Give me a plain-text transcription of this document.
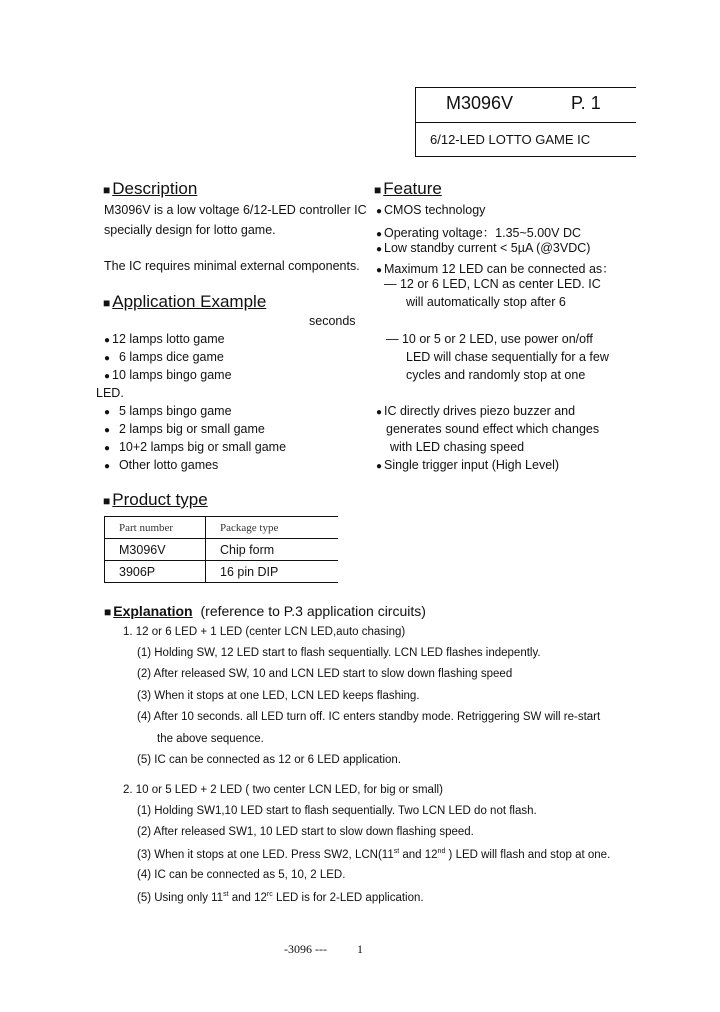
M3096V	P. 1
6/12-LED LOTTO GAME IC
■ Description
M3096V is a low voltage 6/12-LED controller IC
specially design for lotto game.
The IC requires minimal external components.
■ Feature
● CMOS technology
● Operating voltage：1.35~5.00V DC
● Low standby current < 5µA (@3VDC)
● Maximum 12 LED can be connected as：
— 12 or 6 LED, LCN as center LED. IC
will automatically stop after 6
seconds
— 10 or 5 or 2 LED, use power on/off
LED will chase sequentially for a few
cycles and randomly stop at one
LED.
● IC directly drives piezo buzzer and
generates sound effect which changes
with LED chasing speed
● Single trigger input (High Level)
■ Application Example
● 12 lamps lotto game
● 6 lamps dice game
● 10 lamps bingo game
● 5 lamps bingo game
● 2 lamps big or small game
● 10+2 lamps big or small game
● Other lotto games
■ Product type
Part number	Package type
M3096V	Chip form
3906P	16 pin DIP
■ Explanation (reference to P.3 application circuits)
1. 12 or 6 LED + 1 LED (center LCN LED,auto chasing)
(1) Holding SW, 12 LED start to flash sequentially. LCN LED flashes indepently.
(2) After released SW, 10 and LCN LED start to slow down flashing speed
(3) When it stops at one LED, LCN LED keeps flashing.
(4) After 10 seconds. all LED turn off. IC enters standby mode. Retriggering SW will re-start
the above sequence.
(5) IC can be connected as 12 or 6 LED application.
2. 10 or 5 LED + 2 LED ( two center LCN LED, for big or small)
(1) Holding SW1,10 LED start to flash sequentially. Two LCN LED do not flash.
(2) After released SW1, 10 LED start to slow down flashing speed.
(3) When it stops at one LED. Press SW2, LCN(11st and 12nd ) LED will flash and stop at one.
(4) IC can be connected as 5, 10, 2 LED.
(5) Using only 11st and $12^{rc}$ LED is for 2-LED application.
-3096 ---	1
